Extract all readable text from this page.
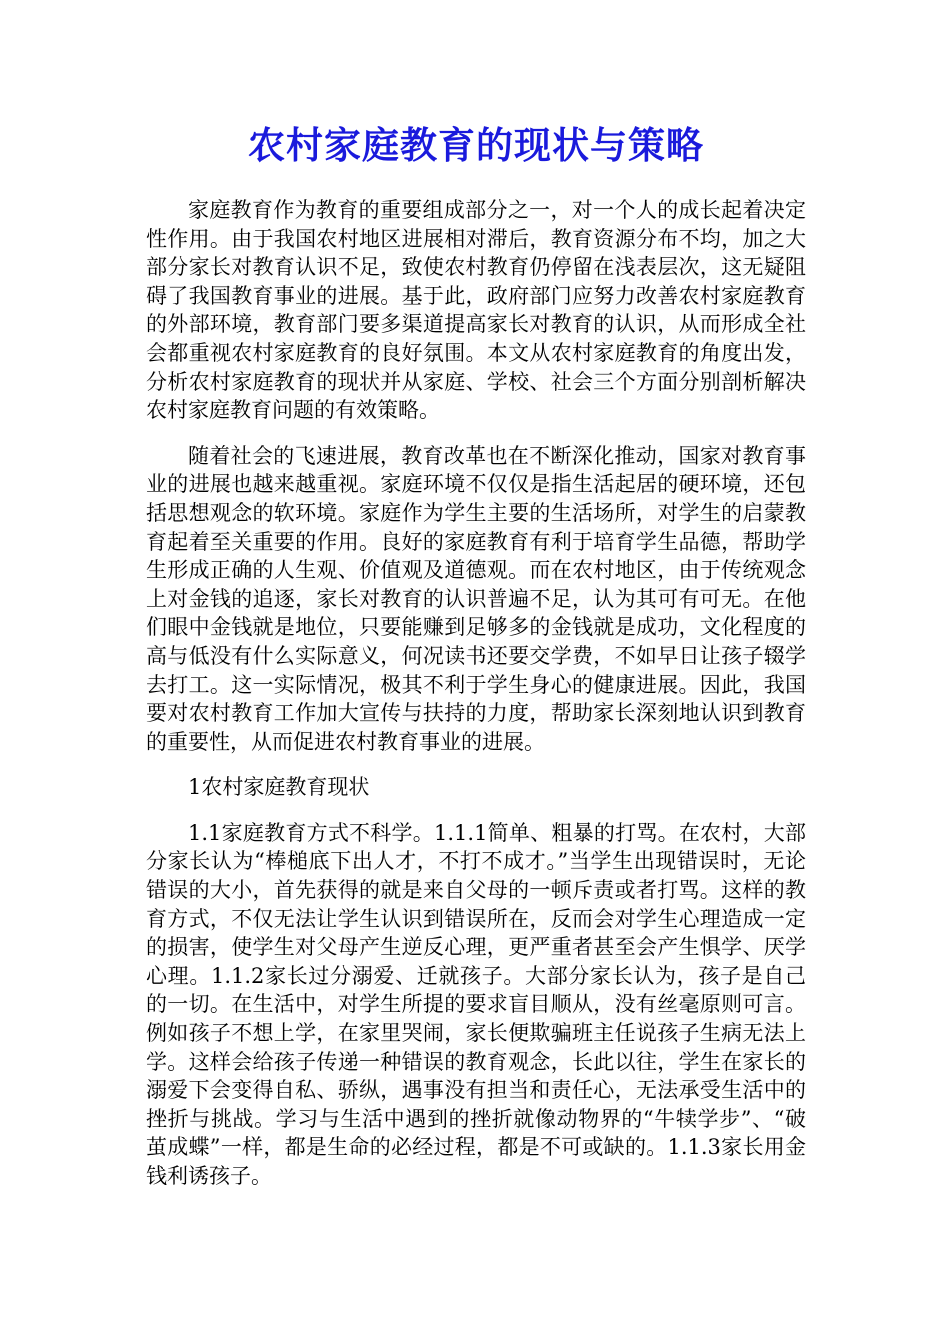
农村家庭教育的现状与策略

家庭教育作为教育的重要组成部分之一，对一个人的成长起着决定性作用。由于我国农村地区进展相对滞后，教育资源分布不均，加之大部分家长对教育认识不足，致使农村教育仍停留在浅表层次，这无疑阻碍了我国教育事业的进展。基于此，政府部门应努力改善农村家庭教育的外部环境，教育部门要多渠道提高家长对教育的认识，从而形成全社会都重视农村家庭教育的良好氛围。本文从农村家庭教育的角度出发，分析农村家庭教育的现状并从家庭、学校、社会三个方面分别剖析解决农村家庭教育问题的有效策略。

随着社会的飞速进展，教育改革也在不断深化推动，国家对教育事业的进展也越来越重视。家庭环境不仅仅是指生活起居的硬环境，还包括思想观念的软环境。家庭作为学生主要的生活场所，对学生的启蒙教育起着至关重要的作用。良好的家庭教育有利于培育学生品德，帮助学生形成正确的人生观、价值观及道德观。而在农村地区，由于传统观念上对金钱的追逐，家长对教育的认识普遍不足，认为其可有可无。在他们眼中金钱就是地位，只要能赚到足够多的金钱就是成功，文化程度的高与低没有什么实际意义，何况读书还要交学费，不如早日让孩子辍学去打工。这一实际情况，极其不利于学生身心的健康进展。因此，我国要对农村教育工作加大宣传与扶持的力度，帮助家长深刻地认识到教育的重要性，从而促进农村教育事业的进展。

1农村家庭教育现状

1.1家庭教育方式不科学。1.1.1简单、粗暴的打骂。在农村，大部分家长认为“棒槌底下出人才，不打不成才。”当学生出现错误时，无论错误的大小，首先获得的就是来自父母的一顿斥责或者打骂。这样的教育方式，不仅无法让学生认识到错误所在，反而会对学生心理造成一定的损害，使学生对父母产生逆反心理，更严重者甚至会产生惧学、厌学心理。1.1.2家长过分溺爱、迁就孩子。大部分家长认为，孩子是自己的一切。在生活中，对学生所提的要求盲目顺从，没有丝毫原则可言。例如孩子不想上学，在家里哭闹，家长便欺骗班主任说孩子生病无法上学。这样会给孩子传递一种错误的教育观念，长此以往，学生在家长的溺爱下会变得自私、骄纵，遇事没有担当和责任心，无法承受生活中的挫折与挑战。学习与生活中遇到的挫折就像动物界的“牛犊学步”、“破茧成蝶”一样，都是生命的必经过程，都是不可或缺的。1.1.3家长用金钱利诱孩子。
